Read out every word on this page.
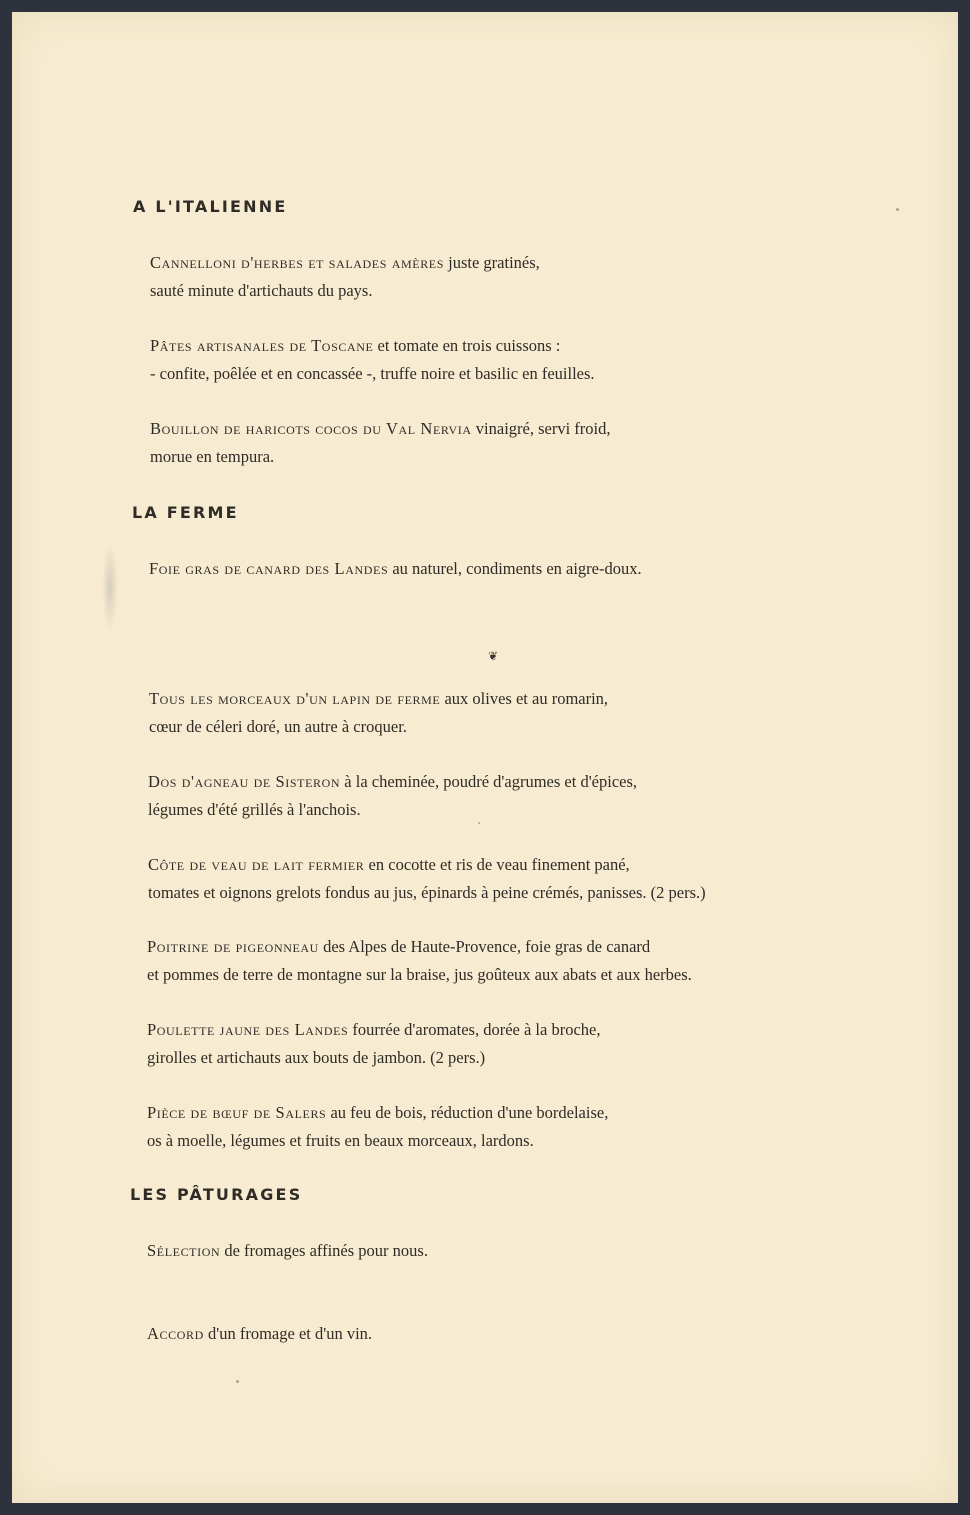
A L'ITALIENNE

Cannelloni d'herbes et salades amères juste gratinés,
sauté minute d'artichauts du pays.

Pâtes artisanales de Toscane et tomate en trois cuissons :
- confite, poêlée et en concassée -, truffe noire et basilic en feuilles.

Bouillon de haricots cocos du Val Nervia vinaigré, servi froid,
morue en tempura.

LA FERME

Foie gras de canard des Landes au naturel, condiments en aigre-doux.

❦

Tous les morceaux d'un lapin de ferme aux olives et au romarin,
cœur de céleri doré, un autre à croquer.

Dos d'agneau de Sisteron à la cheminée, poudré d'agrumes et d'épices,
légumes d'été grillés à l'anchois.

Côte de veau de lait fermier en cocotte et ris de veau finement pané,
tomates et oignons grelots fondus au jus, épinards à peine crémés, panisses. (2 pers.)

Poitrine de pigeonneau des Alpes de Haute-Provence, foie gras de canard
et pommes de terre de montagne sur la braise, jus goûteux aux abats et aux herbes.

Poulette jaune des Landes fourrée d'aromates, dorée à la broche,
girolles et artichauts aux bouts de jambon. (2 pers.)

Pièce de bœuf de Salers au feu de bois, réduction d'une bordelaise,
os à moelle, légumes et fruits en beaux morceaux, lardons.

LES PÂTURAGES

Sélection de fromages affinés pour nous.

Accord d'un fromage et d'un vin.
